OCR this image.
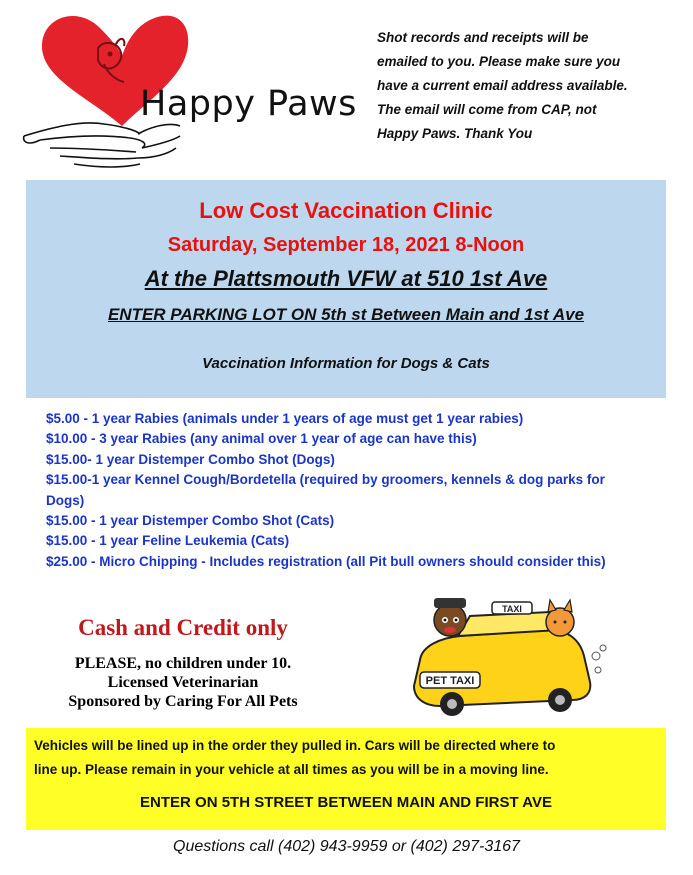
Happy Paws
Shot records and receipts will be
emailed to you. Please make sure you
have a current email address available.
The email will come from CAP, not
Happy Paws. Thank You
Low Cost Vaccination Clinic
Saturday, September 18, 2021 8-Noon
At the Plattsmouth VFW at 510 1st Ave
ENTER PARKING LOT ON 5th st Between Main and 1st Ave
Vaccination Information for Dogs & Cats
$5.00 - 1 year Rabies (animals under 1 years of age must get 1 year rabies)
$10.00 - 3 year Rabies (any animal over 1 year of age can have this)
$15.00- 1 year Distemper Combo Shot (Dogs)
$15.00-1 year Kennel Cough/Bordetella (required by groomers, kennels & dog parks for
Dogs)
$15.00 - 1 year Distemper Combo Shot (Cats)
$15.00 - 1 year Feline Leukemia (Cats)
$25.00 - Micro Chipping - Includes registration (all Pit bull owners should consider this)
Cash and Credit only
PLEASE, no children under 10.
Licensed Veterinarian
Sponsored by Caring For All Pets
TAXI
PET TAXI
Vehicles will be lined up in the order they pulled in. Cars will be directed where to
line up. Please remain in your vehicle at all times as you will be in a moving line.
ENTER ON 5TH STREET BETWEEN MAIN AND FIRST AVE
Questions call (402) 943-9959 or (402) 297-3167
